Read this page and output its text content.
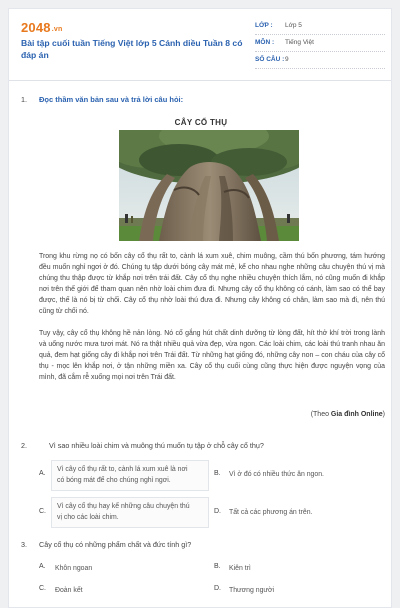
2048.vn
Bài tập cuối tuần Tiếng Việt lớp 5 Cánh diều Tuần 8 có đáp án
LỚP : Lớp 5
MÔN : Tiếng Việt
SỐ CÂU : 9
1. Đọc thầm văn bản sau và trả lời câu hỏi:
CÂY CỔ THỤ
Trong khu rừng nọ có bốn cây cổ thụ rất to, cành lá xum xuê, chim muông, cầm thú bốn phương, tám hướng đều muốn nghỉ ngơi ở đó. Chúng tụ tập dưới bóng cây mát mẻ, kể cho nhau nghe những câu chuyện thú vị mà chúng thu thập được từ khắp nơi trên trái đất. Cây cổ thụ nghe nhiều chuyện thích lắm, nó cũng muốn đi khắp nơi trên thế giới để tham quan nên nhờ loài chim đưa đi. Nhưng cây cổ thụ không có cánh, làm sao có thể bay được, thế là nó bị từ chối. Cây cổ thụ nhờ loài thú đưa đi. Nhưng cây không có chân, làm sao mà đi, nên thú cũng từ chối nó.
Tuy vậy, cây cổ thụ không hề nản lòng. Nó cố gắng hút chất dinh dưỡng từ lòng đất, hít thở khí trời trong lành và uống nước mưa tươi mát. Nó ra thật nhiều quả vừa đẹp, vừa ngon. Các loài chim, các loài thú tranh nhau ăn quả, đem hạt giống cây đi khắp nơi trên Trái đất. Từ những hạt giống đó, những cây non – con cháu của cây cổ thụ - mọc lên khắp nơi, ở tận những miền xa. Cây cổ thụ cuối cùng cũng thực hiện được nguyện vọng của mình, đã cắm rễ xuống mọi nơi trên Trái đất.
(Theo Gia đình Online)
2.	Vì sao nhiều loài chim và muông thú muốn tụ tập ở chỗ cây cổ thụ?
A.
Vì cây cổ thụ rất to, cành lá xum xuê là nơi
có bóng mát để cho chúng nghỉ ngơi.
B. Vì ở đó có nhiều thức ăn ngon.
C.
Vì cây cổ thụ hay kể những câu chuyện thú
vị cho các loài chim.
D. Tất cả các phương án trên.
3. Cây cổ thụ có những phẩm chất và đức tính gì?
A. Khôn ngoan	B. Kiên trì
C. Đoàn kết	D. Thương người
